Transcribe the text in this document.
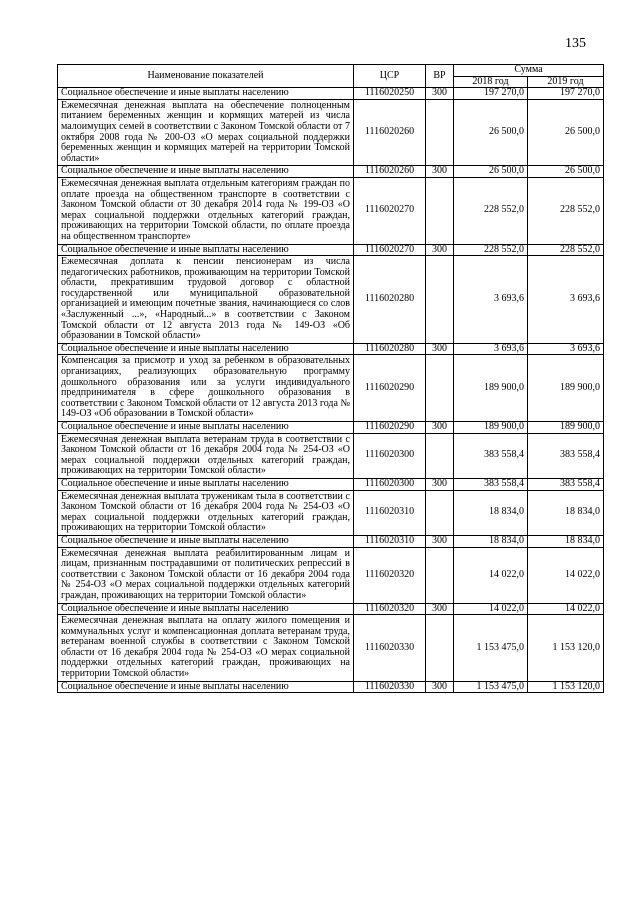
135
Наименование показателей	ЦСР	ВР	Сумма	
			2018 год	2019 год
Социальное обеспечение и иные выплаты населению	1116020250	300	197 270,0	197 270,0
Ежемесячная денежная выплата на обеспечение полноценным питанием беременных женщин и кормящих матерей из числа малоимущих семей в соответствии с Законом Томской области от 7 октября 2008 года № 200-ОЗ «О мерах социальной поддержки беременных женщин и кормящих матерей на территории Томской области»	1116020260		26 500,0	26 500,0
Социальное обеспечение и иные выплаты населению	1116020260	300	26 500,0	26 500,0
Ежемесячная денежная выплата отдельным категориям граждан по оплате проезда на общественном транспорте в соответствии с Законом Томской области от 30 декабря 2014 года № 199-ОЗ «О мерах социальной поддержки отдельных категорий граждан, проживающих на территории Томской области, по оплате проезда на общественном транспорте»	1116020270		228 552,0	228 552,0
Социальное обеспечение и иные выплаты населению	1116020270	300	228 552,0	228 552,0
Ежемесячная доплата к пенсии пенсионерам из числа педагогических работников, проживающим на территории Томской области, прекратившим трудовой договор с областной государственной или муниципальной образовательной организацией и имеющим почетные звания, начинающиеся со слов «Заслуженный ...», «Народный...» в соответствии с Законом Томской области от 12 августа 2013 года № 149-ОЗ «Об образовании в Томской области»	1116020280		3 693,6	3 693,6
Социальное обеспечение и иные выплаты населению	1116020280	300	3 693,6	3 693,6
Компенсация за присмотр и уход за ребенком в образовательных организациях, реализующих образовательную программу дошкольного образования или за услуги индивидуального предпринимателя в сфере дошкольного образования в соответствии с Законом Томской области от 12 августа 2013 года № 149-ОЗ «Об образовании в Томской области»	1116020290		189 900,0	189 900,0
Социальное обеспечение и иные выплаты населению	1116020290	300	189 900,0	189 900,0
Ежемесячная денежная выплата ветеранам труда в соответствии с Законом Томской области от 16 декабря 2004 года № 254-ОЗ «О мерах социальной поддержки отдельных категорий граждан, проживающих на территории Томской области»	1116020300		383 558,4	383 558,4
Социальное обеспечение и иные выплаты населению	1116020300	300	383 558,4	383 558,4
Ежемесячная денежная выплата труженикам тыла в соответствии с Законом Томской области от 16 декабря 2004 года № 254-ОЗ «О мерах социальной поддержки отдельных категорий граждан, проживающих на территории Томской области»	1116020310		18 834,0	18 834,0
Социальное обеспечение и иные выплаты населению	1116020310	300	18 834,0	18 834,0
Ежемесячная денежная выплата реабилитированным лицам и лицам, признанным пострадавшими от политических репрессий в соответствии с Законом Томской области от 16 декабря 2004 года № 254-ОЗ «О мерах социальной поддержки отдельных категорий граждан, проживающих на территории Томской области»	1116020320		14 022,0	14 022,0
Социальное обеспечение и иные выплаты населению	1116020320	300	14 022,0	14 022,0
Ежемесячная денежная выплата на оплату жилого помещения и коммунальных услуг и компенсационная доплата ветеранам труда, ветеранам военной службы в соответствии с Законом Томской области от 16 декабря 2004 года № 254-ОЗ «О мерах социальной поддержки отдельных категорий граждан, проживающих на территории Томской области»	1116020330		1 153 475,0	1 153 120,0
Социальное обеспечение и иные выплаты населению	1116020330	300	1 153 475,0	1 153 120,0
